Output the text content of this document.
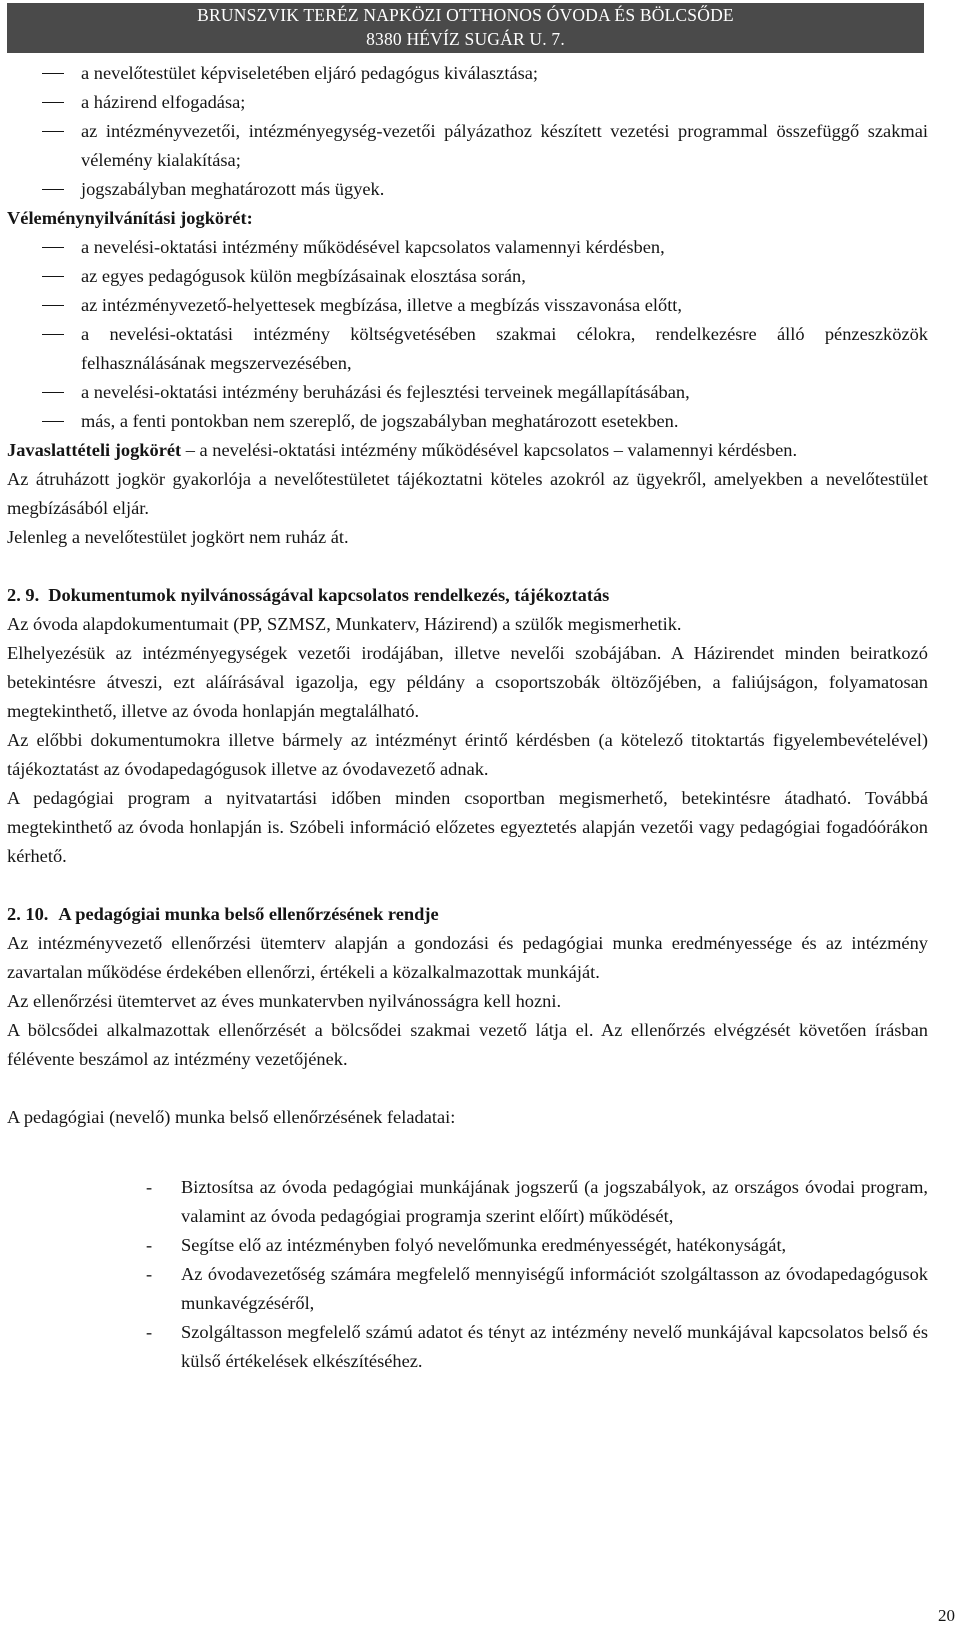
BRUNSZVIK TERÉZ NAPKÖZI OTTHONOS ÓVODA ÉS BÖLCSŐDE
8380 HÉVÍZ SUGÁR U. 7.

a nevelőtestület képviseletében eljáró pedagógus kiválasztása;

a házirend elfogadása;

az intézményvezetői, intézményegység-vezetői pályázathoz készített vezetési programmal összefüggő szakmai vélemény kialakítása;

jogszabályban meghatározott más ügyek.

Véleménynyilvánítási jogkörét:

a nevelési-oktatási intézmény működésével kapcsolatos valamennyi kérdésben,

az egyes pedagógusok külön megbízásainak elosztása során,

az intézményvezető-helyettesek megbízása, illetve a megbízás visszavonása előtt,

a nevelési-oktatási intézmény költségvetésében szakmai célokra, rendelkezésre álló pénzeszközök felhasználásának megszervezésében,

a nevelési-oktatási intézmény beruházási és fejlesztési terveinek megállapításában,

más, a fenti pontokban nem szereplő, de jogszabályban meghatározott esetekben.

Javaslattételi jogkörét – a nevelési-oktatási intézmény működésével kapcsolatos – valamennyi kérdésben.

Az átruházott jogkör gyakorlója a nevelőtestületet tájékoztatni köteles azokról az ügyekről, amelyekben a nevelőtestület megbízásából eljár.

Jelenleg a nevelőtestület jogkört nem ruház át.

2. 9. Dokumentumok nyilvánosságával kapcsolatos rendelkezés, tájékoztatás

Az óvoda alapdokumentumait (PP, SZMSZ, Munkaterv, Házirend) a szülők megismerhetik.

Elhelyezésük az intézményegységek vezetői irodájában, illetve nevelői szobájában. A Házirendet minden beiratkozó betekintésre átveszi, ezt aláírásával igazolja, egy példány a csoportszobák öltözőjében, a faliújságon, folyamatosan megtekinthető, illetve az óvoda honlapján megtalálható.

Az előbbi dokumentumokra illetve bármely az intézményt érintő kérdésben (a kötelező titoktartás figyelembevételével) tájékoztatást az óvodapedagógusok illetve az óvodavezető adnak.

A pedagógiai program a nyitvatartási időben minden csoportban megismerhető, betekintésre átadható. Továbbá megtekinthető az óvoda honlapján is. Szóbeli információ előzetes egyeztetés alapján vezetői vagy pedagógiai fogadóórákon kérhető.

2. 10. A pedagógiai munka belső ellenőrzésének rendje

Az intézményvezető ellenőrzési ütemterv alapján a gondozási és pedagógiai munka eredményessége és az intézmény zavartalan működése érdekében ellenőrzi, értékeli a közalkalmazottak munkáját.

Az ellenőrzési ütemtervet az éves munkatervben nyilvánosságra kell hozni.

A bölcsődei alkalmazottak ellenőrzését a bölcsődei szakmai vezető látja el. Az ellenőrzés elvégzését követően írásban félévente beszámol az intézmény vezetőjének.

A pedagógiai (nevelő) munka belső ellenőrzésének feladatai:

- Biztosítsa az óvoda pedagógiai munkájának jogszerű (a jogszabályok, az országos óvodai program, valamint az óvoda pedagógiai programja szerint előírt) működését,

- Segítse elő az intézményben folyó nevelőmunka eredményességét, hatékonyságát,

- Az óvodavezetőség számára megfelelő mennyiségű információt szolgáltasson az óvodapedagógusok munkavégzéséről,

- Szolgáltasson megfelelő számú adatot és tényt az intézmény nevelő munkájával kapcsolatos belső és külső értékelések elkészítéséhez.

20
